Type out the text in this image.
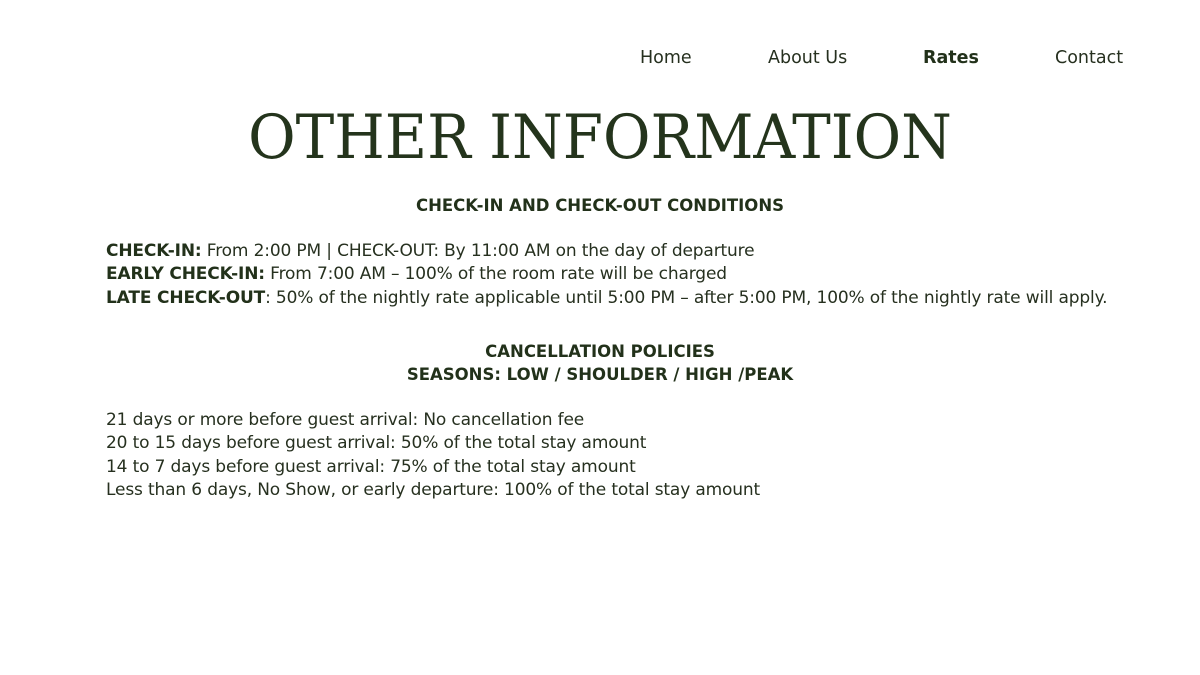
Home	About Us	Rates	Contact
OTHER INFORMATION
CHECK-IN AND CHECK-OUT CONDITIONS
CHECK-IN: From 2:00 PM | CHECK-OUT: By 11:00 AM on the day of departure
EARLY CHECK-IN: From 7:00 AM – 100% of the room rate will be charged
LATE CHECK-OUT: 50% of the nightly rate applicable until 5:00 PM – after 5:00 PM, 100% of the nightly rate will apply.
CANCELLATION POLICIES
SEASONS: LOW / SHOULDER / HIGH /PEAK
21 days or more before guest arrival: No cancellation fee
20 to 15 days before guest arrival: 50% of the total stay amount
14 to 7 days before guest arrival: 75% of the total stay amount
Less than 6 days, No Show, or early departure: 100% of the total stay amount
